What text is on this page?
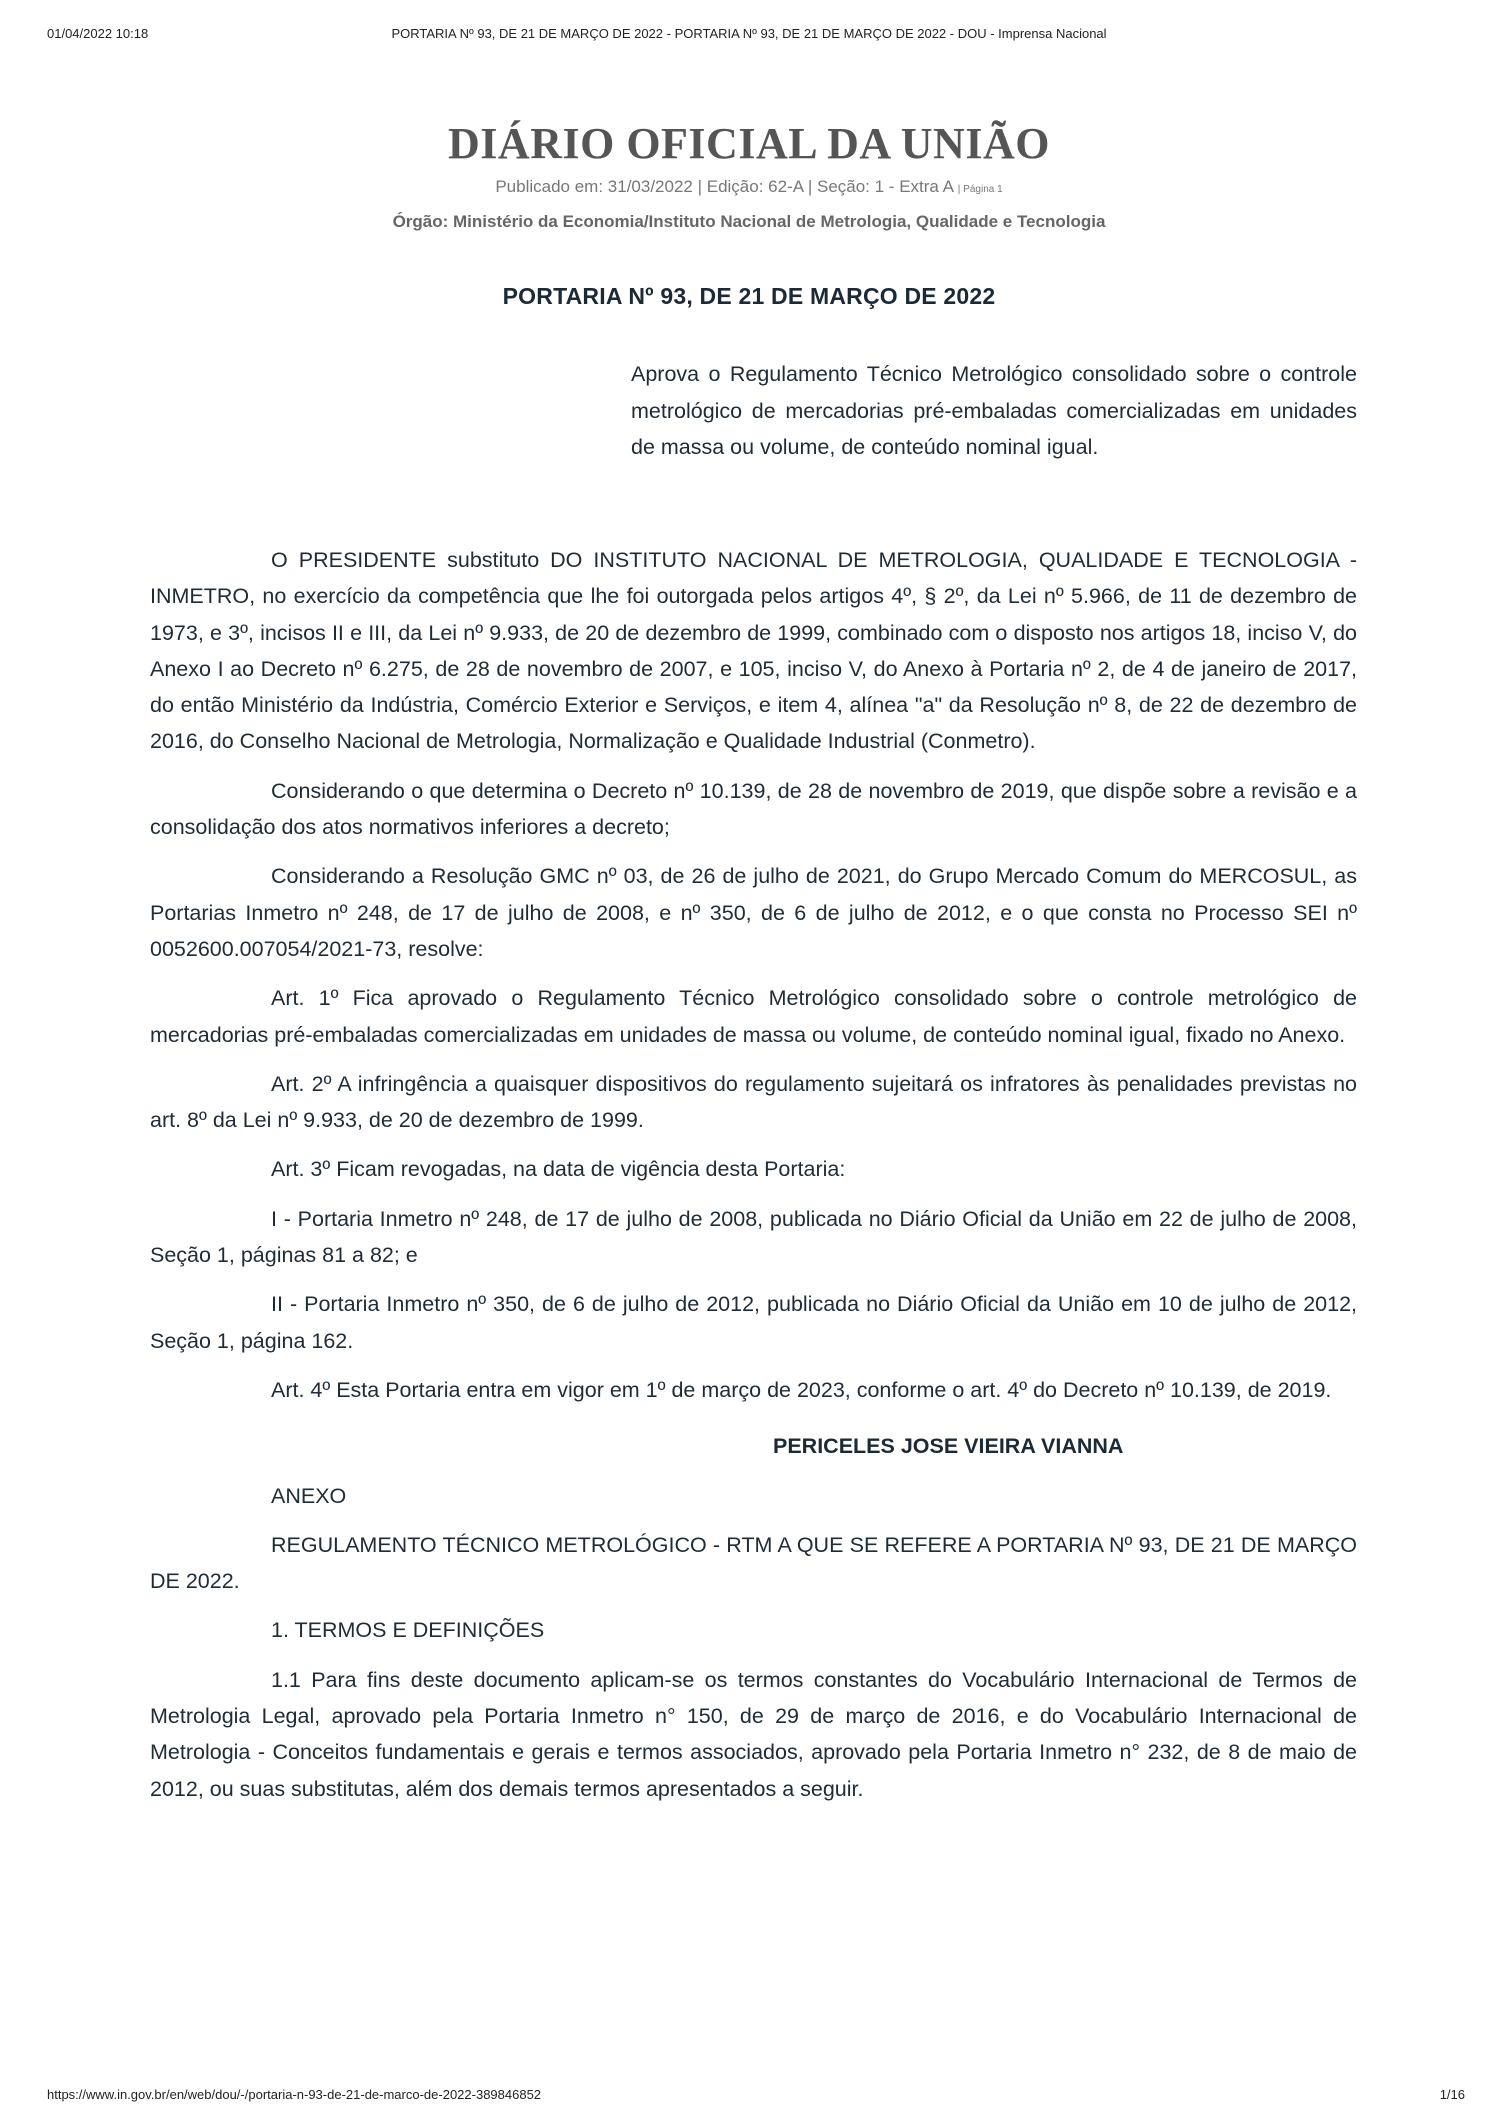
01/04/2022 10:18	PORTARIA Nº 93, DE 21 DE MARÇO DE 2022 - PORTARIA Nº 93, DE 21 DE MARÇO DE 2022 - DOU - Imprensa Nacional
DIÁRIO OFICIAL DA UNIÃO
Publicado em: 31/03/2022 | Edição: 62-A | Seção: 1 - Extra A | Página 1
Órgão: Ministério da Economia/Instituto Nacional de Metrologia, Qualidade e Tecnologia
PORTARIA Nº 93, DE 21 DE MARÇO DE 2022
Aprova o Regulamento Técnico Metrológico consolidado sobre o controle metrológico de mercadorias pré-embaladas comercializadas em unidades de massa ou volume, de conteúdo nominal igual.

O PRESIDENTE substituto DO INSTITUTO NACIONAL DE METROLOGIA, QUALIDADE E TECNOLOGIA - INMETRO, no exercício da competência que lhe foi outorgada pelos artigos 4º, § 2º, da Lei nº 5.966, de 11 de dezembro de 1973, e 3º, incisos II e III, da Lei nº 9.933, de 20 de dezembro de 1999, combinado com o disposto nos artigos 18, inciso V, do Anexo I ao Decreto nº 6.275, de 28 de novembro de 2007, e 105, inciso V, do Anexo à Portaria nº 2, de 4 de janeiro de 2017, do então Ministério da Indústria, Comércio Exterior e Serviços, e item 4, alínea "a" da Resolução nº 8, de 22 de dezembro de 2016, do Conselho Nacional de Metrologia, Normalização e Qualidade Industrial (Conmetro).

Considerando o que determina o Decreto nº 10.139, de 28 de novembro de 2019, que dispõe sobre a revisão e a consolidação dos atos normativos inferiores a decreto;

Considerando a Resolução GMC nº 03, de 26 de julho de 2021, do Grupo Mercado Comum do MERCOSUL, as Portarias Inmetro nº 248, de 17 de julho de 2008, e nº 350, de 6 de julho de 2012, e o que consta no Processo SEI nº 0052600.007054/2021-73, resolve:

Art. 1º Fica aprovado o Regulamento Técnico Metrológico consolidado sobre o controle metrológico de mercadorias pré-embaladas comercializadas em unidades de massa ou volume, de conteúdo nominal igual, fixado no Anexo.

Art. 2º A infringência a quaisquer dispositivos do regulamento sujeitará os infratores às penalidades previstas no art. 8º da Lei nº 9.933, de 20 de dezembro de 1999.

Art. 3º Ficam revogadas, na data de vigência desta Portaria:

I - Portaria Inmetro nº 248, de 17 de julho de 2008, publicada no Diário Oficial da União em 22 de julho de 2008, Seção 1, páginas 81 a 82; e

II - Portaria Inmetro nº 350, de 6 de julho de 2012, publicada no Diário Oficial da União em 10 de julho de 2012, Seção 1, página 162.

Art. 4º Esta Portaria entra em vigor em 1º de março de 2023, conforme o art. 4º do Decreto nº 10.139, de 2019.

PERICELES JOSE VIEIRA VIANNA

ANEXO

REGULAMENTO TÉCNICO METROLÓGICO - RTM A QUE SE REFERE A PORTARIA Nº 93, DE 21 DE MARÇO DE 2022.

1. TERMOS E DEFINIÇÕES

1.1 Para fins deste documento aplicam-se os termos constantes do Vocabulário Internacional de Termos de Metrologia Legal, aprovado pela Portaria Inmetro n° 150, de 29 de março de 2016, e do Vocabulário Internacional de Metrologia - Conceitos fundamentais e gerais e termos associados, aprovado pela Portaria Inmetro n° 232, de 8 de maio de 2012, ou suas substitutas, além dos demais termos apresentados a seguir.

https://www.in.gov.br/en/web/dou/-/portaria-n-93-de-21-de-marco-de-2022-389846852	1/16
